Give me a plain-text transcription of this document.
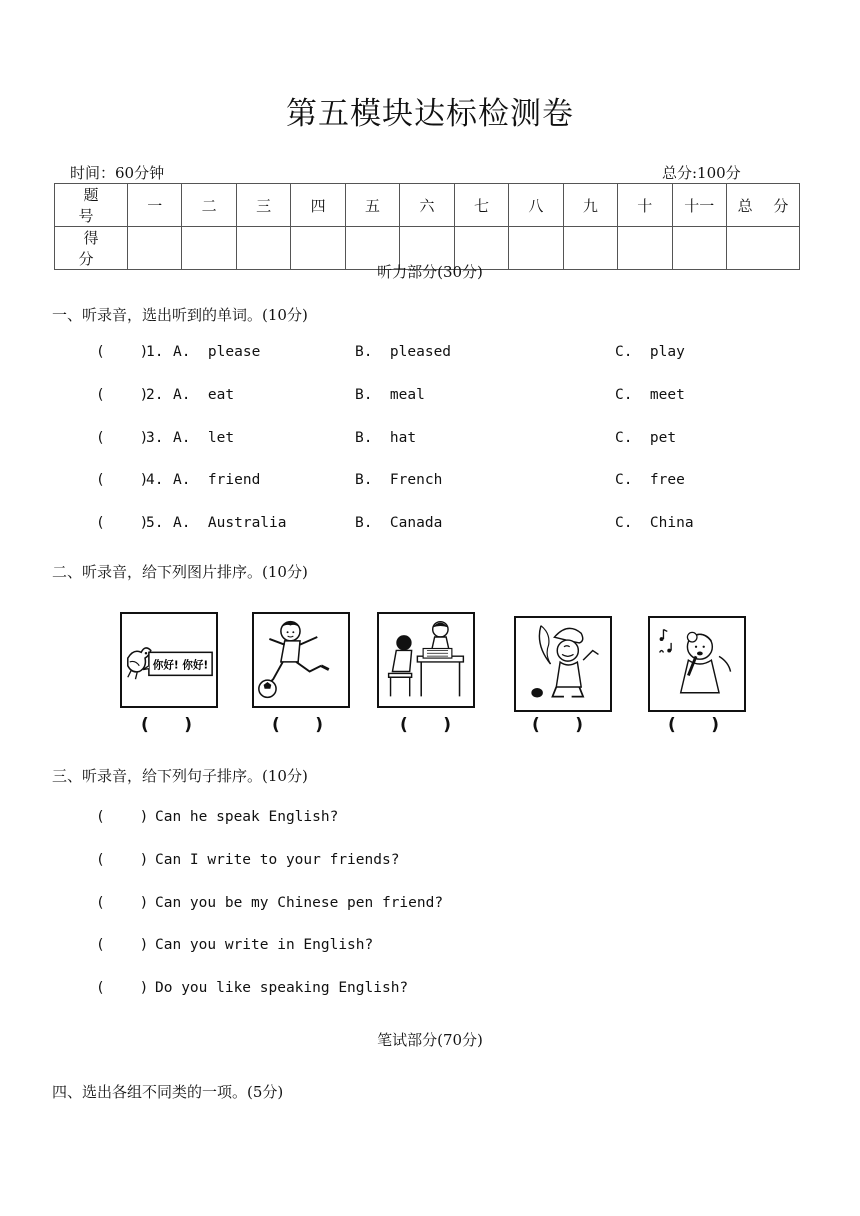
第五模块达标检测卷
时间：60分钟	总分:100分
题 号	一	二	三	四	五	六	七	八	九	十	十一	总 分
得 分												
听力部分(30分)
一、听录音，选出听到的单词。(10分)
(    )
1. A.  please	B.  pleased	C.  play
(    )
2. A.  eat	B.  meal	C.  meet
(    )
3. A.  let	B.  hat	C.  pet
(    )
4. A.  friend	B.  French	C.  free
(    )
5. A.  Australia	B.  Canada	C.  China
二、听录音，给下列图片排序。(10分)
你好! 你好!
(      )	(      )	(      )	(      )	(      )
三、听录音，给下列句子排序。(10分)
(    ) Can he speak English?
(    ) Can I write to your friends?
(    ) Can you be my Chinese pen friend?
(    ) Can you write in English?
(    ) Do you like speaking English?
笔试部分(70分)
四、选出各组不同类的一项。(5分)
